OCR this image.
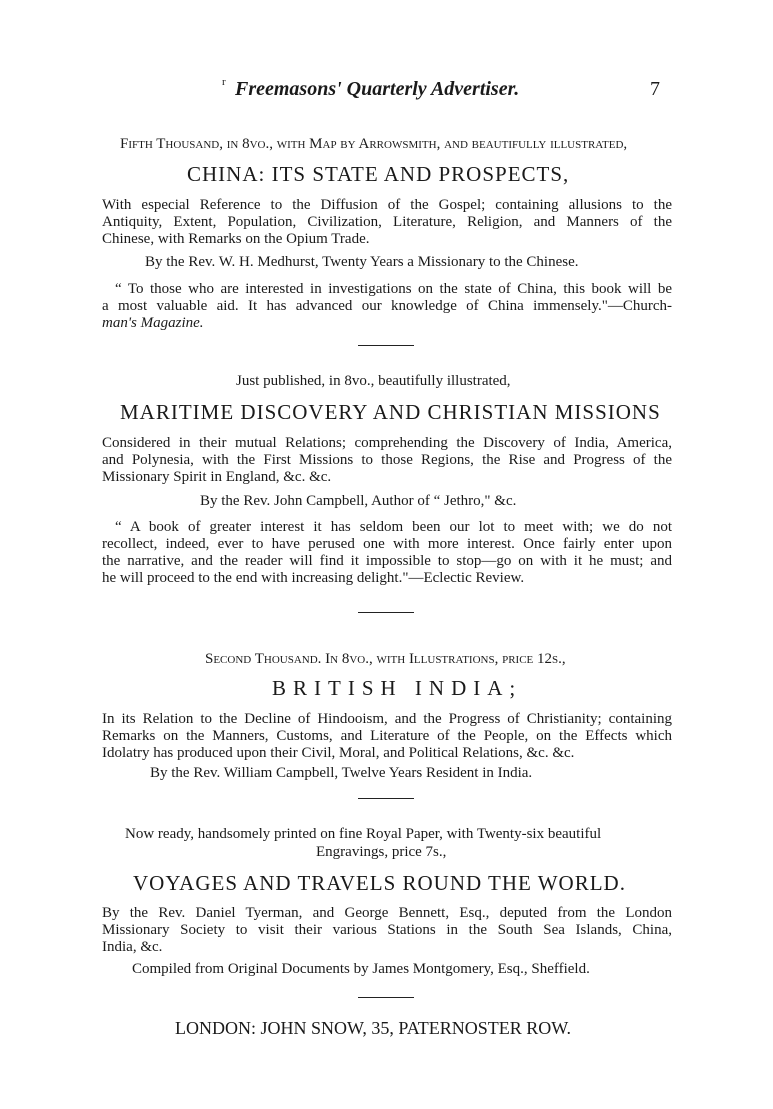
r Freemasons' Quarterly Advertiser.	7
Fifth Thousand, in 8vo., with Map by Arrowsmith, and beautifully illustrated,
CHINA: ITS STATE AND PROSPECTS,
With especial Reference to the Diffusion of the Gospel; containing allusions to the
Antiquity, Extent, Population, Civilization, Literature, Religion, and Manners of the
Chinese, with Remarks on the Opium Trade.
By the Rev. W. H. Medhurst, Twenty Years a Missionary to the Chinese.
“ To those who are interested in investigations on the state of China, this book will be
a most valuable aid. It has advanced our knowledge of China immensely."—Church-
man's Magazine.
Just published, in 8vo., beautifully illustrated,
MARITIME DISCOVERY AND CHRISTIAN MISSIONS
Considered in their mutual Relations; comprehending the Discovery of India, America,
and Polynesia, with the First Missions to those Regions, the Rise and Progress of the
Missionary Spirit in England, &c. &c.
By the Rev. John Campbell, Author of “ Jethro," &c.
“ A book of greater interest it has seldom been our lot to meet with; we do not
recollect, indeed, ever to have perused one with more interest. Once fairly enter upon
the narrative, and the reader will find it impossible to stop—go on with it he must; and
he will proceed to the end with increasing delight."—Eclectic Review.
Second Thousand. In 8vo., with Illustrations, price 12s.,
BRITISH INDIA;
In its Relation to the Decline of Hindooism, and the Progress of Christianity; containing
Remarks on the Manners, Customs, and Literature of the People, on the Effects which
Idolatry has produced upon their Civil, Moral, and Political Relations, &c. &c.
By the Rev. William Campbell, Twelve Years Resident in India.
Now ready, handsomely printed on fine Royal Paper, with Twenty-six beautiful
Engravings, price 7s.,
VOYAGES AND TRAVELS ROUND THE WORLD.
By the Rev. Daniel Tyerman, and George Bennett, Esq., deputed from the London
Missionary Society to visit their various Stations in the South Sea Islands, China,
India, &c.
Compiled from Original Documents by James Montgomery, Esq., Sheffield.
LONDON: JOHN SNOW, 35, PATERNOSTER ROW.
